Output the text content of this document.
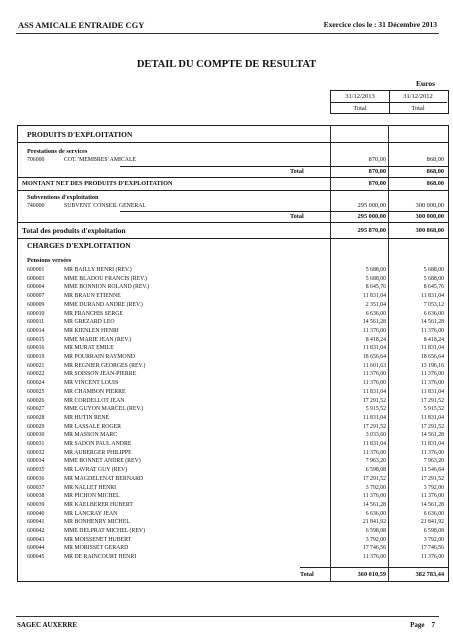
ASS AMICALE ENTRAIDE CGY	Exercice clos le : 31 Décembre 2013
DETAIL DU COMPTE DE RESULTAT
Euros
31/12/2013
Total
31/12/2012
Total
PRODUITS D'EXPLOITATION
Prestations de services
706000	COT. 'MEMBRES' AMICALE	870,00	868,00
Total	870,00	868,00
MONTANT NET DES PRODUITS D'EXPLOITATION	870,00	868,00
Subventions d'exploitation
740000	SUBVENT. CONSEIL GENERAL	295 000,00	300 000,00
Total	295 000,00	300 000,00
Total des produits d'exploitation	295 870,00	300 868,00
CHARGES D'EXPLOITATION
Pensions versées
600001	MR BAILLY HENRI (REV.)	5 688,00	5 688,00
600003	MME BLADOU FRANCIS (REV.)	5 688,00	5 688,00
600004	MME BONNION ROLAND (REV.)	8 645,76	8 645,76
600007	MR BRAUN ETIENNE	11 831,04	11 831,04
600009	MME DURAND ANDRE (REV.)	2 351,04	7 053,12
600010	MR FRANCHIS SERGE	6 636,00	6 636,00
600011	MR GREZARD LEO	14 561,28	14 561,28
600014	MR KIENLEN HENRI	11 376,00	11 376,00
600015	MME MARIE JEAN (REV.)	8 418,24	8 418,24
600016	MR MURAT EMILE	11 831,04	11 831,04
600019	MR POURRAIN RAYMOND	18 656,64	18 656,64
600021	MR REGNIER GEORGES (REV.)	11 601,63	13 196,16
600022	MR SOISSON JEAN-PIERRE	11 376,00	11 376,00
600024	MR VINCENT LOUIS	11 376,00	11 376,00
600025	MR CHAMBON PIERRE	11 831,04	11 831,04
600026	MR CORDELLOT JEAN	17 291,52	17 291,52
600027	MME GUYON MARCEL (REV.)	5 915,52	5 915,52
600028	MR HUTIN RENE	11 831,04	11 831,04
600029	MR LASSALE ROGER	17 291,52	17 291,52
600030	MR MASSON MARC	3 033,60	14 561,28
600031	MR SADON PAUL ANDRE	11 831,04	11 831,04
600032	MR AUBERGER PHILIPPE	11 376,00	11 376,00
600034	MME BONNET ANDRE (REV)	7 963,20	7 963,20
600035	MR LAVRAT GUY (REV)	6 598,08	11 546,64
600036	MR MAGDELENAT BERNARD	17 291,52	17 291,52
600037	MR NALLET HENRI	3 792,00	3 792,00
600038	MR PICHON MICHEL	11 376,00	11 376,00
600039	MR KAELBERER HUBERT	14 561,28	14 561,28
600040	MR LANCRAY JEAN	6 636,00	6 636,00
600041	MR BONHENRY MICHEL	21 841,92	21 841,92
600042	MME DELPRAT MICHEL (REV)	6 598,08	6 598,08
600043	MR MOISSENET HUBERT	3 792,00	3 792,00
600044	MR MORISSET GERARD	17 746,56	17 746,56
600045	MR DE RAINCOURT HENRI	11 376,00	11 376,00
Total	360 010,59	382 783,44
SAGEC AUXERRE	Page 7
